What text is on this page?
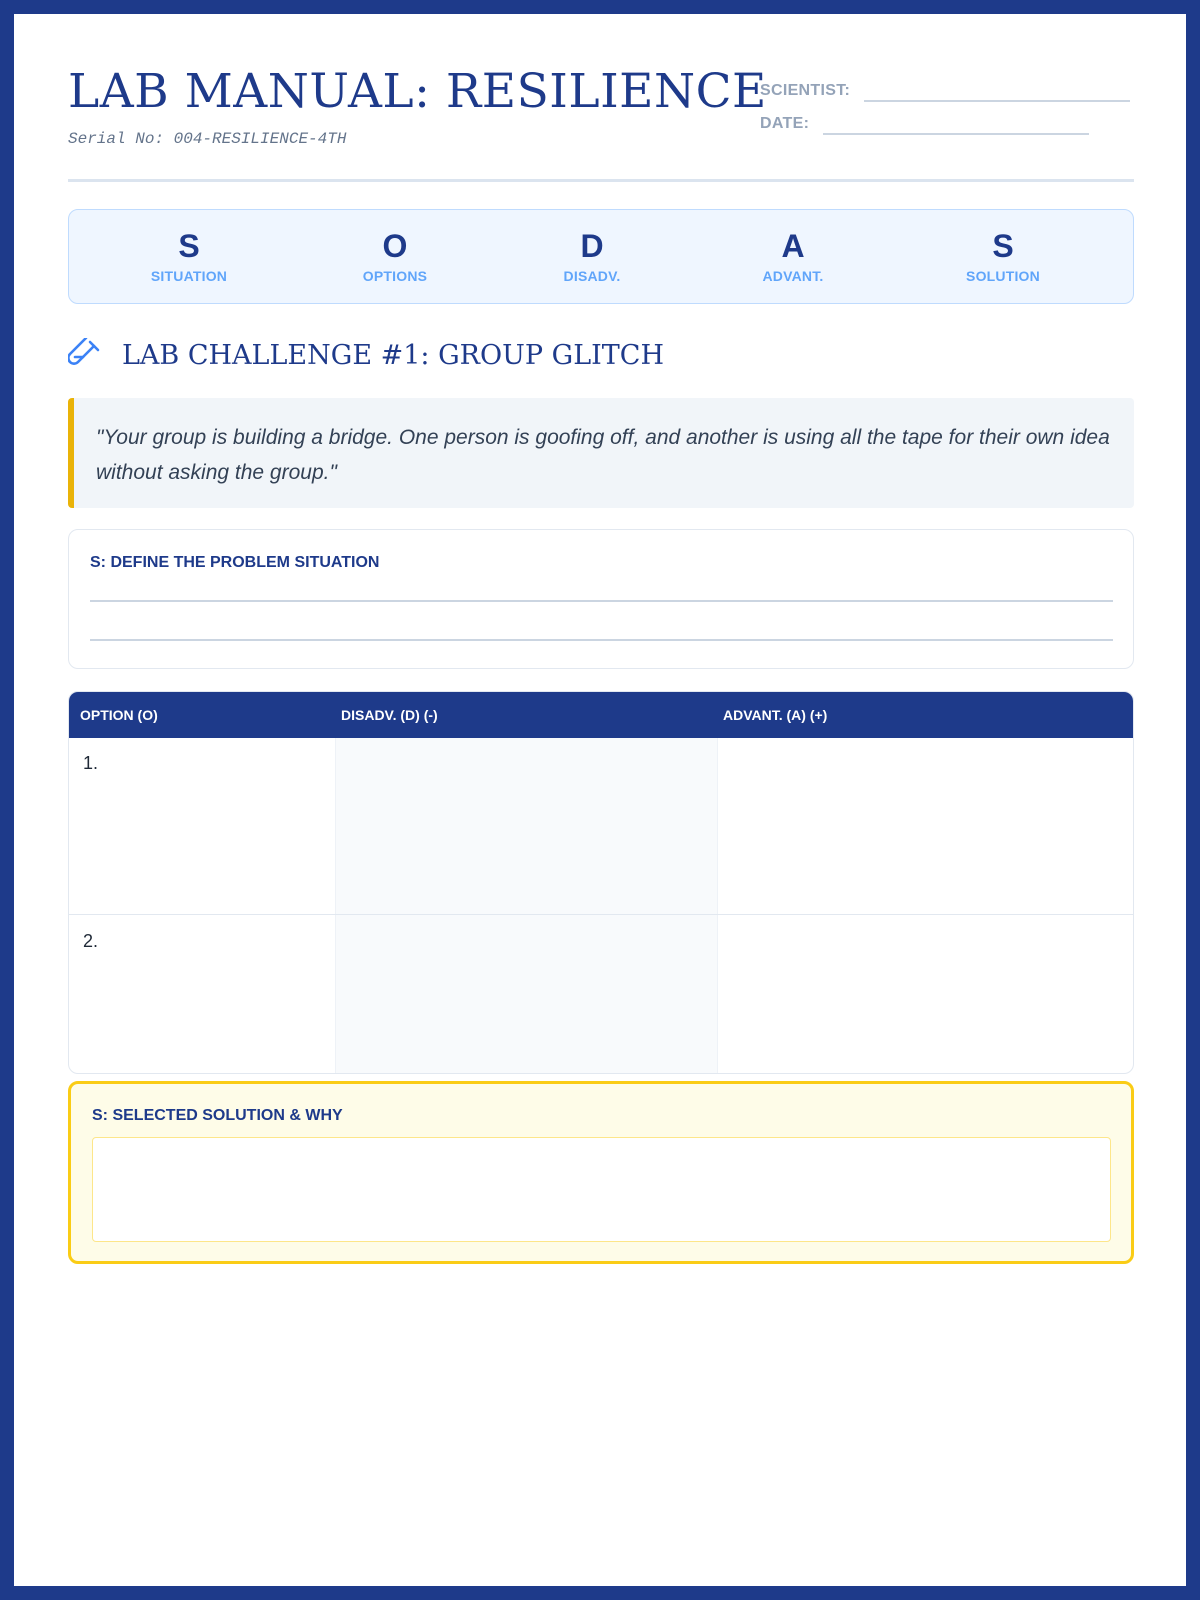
LAB MANUAL: RESILIENCE
Serial No: 004-RESILIENCE-4TH
SCIENTIST:
DATE:
S
SITUATION
O
OPTIONS
D
DISADV.
A
ADVANT.
S
SOLUTION
LAB CHALLENGE #1: GROUP GLITCH
"Your group is building a bridge. One person is goofing off, and another is using all the tape for their own idea without asking the group."
S: DEFINE THE PROBLEM SITUATION
OPTION (O)	DISADV. (D) (-)	ADVANT. (A) (+)
1.
2.
S: SELECTED SOLUTION & WHY
